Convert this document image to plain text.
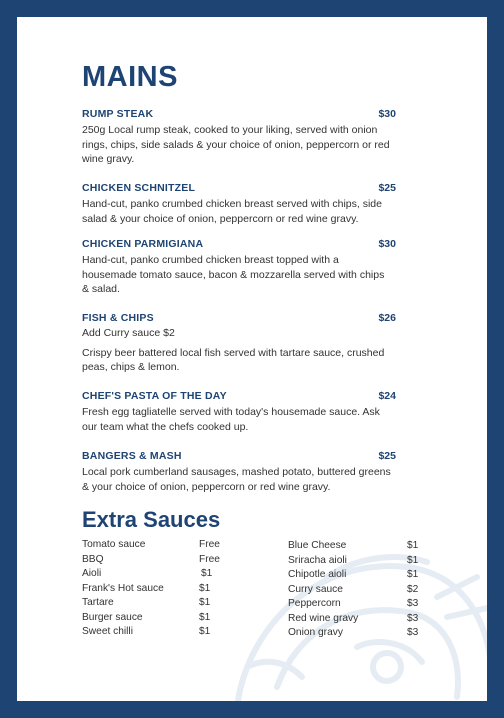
MAINS
RUMP STEAK	$30
250g Local rump steak, cooked to your liking, served with onion rings, chips, side salads & your choice of onion, peppercorn or red wine gravy.
CHICKEN SCHNITZEL	$25
Hand-cut, panko crumbed chicken breast served with chips, side salad & your choice of onion, peppercorn or red wine gravy.
CHICKEN PARMIGIANA	$30
Hand-cut, panko crumbed chicken breast topped with a housemade tomato sauce, bacon & mozzarella served with chips & salad.
FISH & CHIPS	$26
Add Curry sauce $2
Crispy beer battered local fish served with tartare sauce, crushed peas, chips & lemon.
CHEF'S PASTA OF THE DAY	$24
Fresh egg tagliatelle served with today's housemade sauce. Ask our team what the chefs cooked up.
BANGERS & MASH	$25
Local pork cumberland sausages, mashed potato, buttered greens & your choice of onion, peppercorn or red wine gravy.
Extra Sauces
Tomato sauce	Free
BBQ	Free
Aioli	$1
Frank's Hot sauce	$1
Tartare	$1
Burger sauce	$1
Sweet chilli	$1
Blue Cheese	$1
Sriracha aioli	$1
Chipotle aioli	$1
Curry sauce	$2
Peppercorn	$3
Red wine gravy	$3
Onion gravy	$3
